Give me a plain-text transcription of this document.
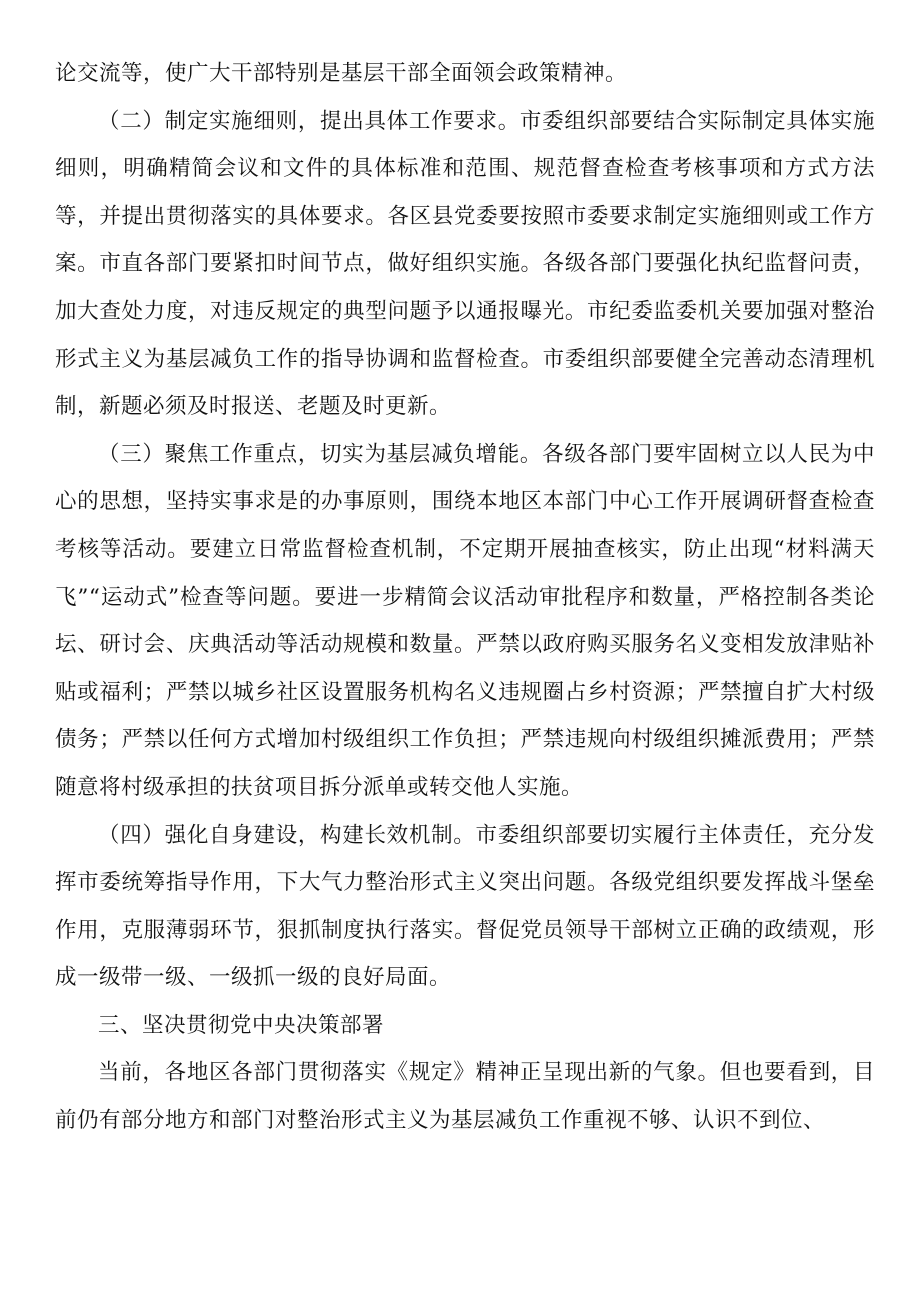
论交流等，使广大干部特别是基层干部全面领会政策精神。

（二）制定实施细则，提出具体工作要求。市委组织部要结合实际制定具体实施细则，明确精简会议和文件的具体标准和范围、规范督查检查考核事项和方式方法等，并提出贯彻落实的具体要求。各区县党委要按照市委要求制定实施细则或工作方案。市直各部门要紧扣时间节点，做好组织实施。各级各部门要强化执纪监督问责，加大查处力度，对违反规定的典型问题予以通报曝光。市纪委监委机关要加强对整治形式主义为基层减负工作的指导协调和监督检查。市委组织部要健全完善动态清理机制，新题必须及时报送、老题及时更新。

（三）聚焦工作重点，切实为基层减负增能。各级各部门要牢固树立以人民为中心的思想，坚持实事求是的办事原则，围绕本地区本部门中心工作开展调研督查检查考核等活动。要建立日常监督检查机制，不定期开展抽查核实，防止出现“材料满天飞”“运动式”检查等问题。要进一步精简会议活动审批程序和数量，严格控制各类论坛、研讨会、庆典活动等活动规模和数量。严禁以政府购买服务名义变相发放津贴补贴或福利；严禁以城乡社区设置服务机构名义违规圈占乡村资源；严禁擅自扩大村级债务；严禁以任何方式增加村级组织工作负担；严禁违规向村级组织摊派费用；严禁随意将村级承担的扶贫项目拆分派单或转交他人实施。

（四）强化自身建设，构建长效机制。市委组织部要切实履行主体责任，充分发挥市委统筹指导作用，下大气力整治形式主义突出问题。各级党组织要发挥战斗堡垒作用，克服薄弱环节，狠抓制度执行落实。督促党员领导干部树立正确的政绩观，形成一级带一级、一级抓一级的良好局面。

三、坚决贯彻党中央决策部署

当前，各地区各部门贯彻落实《规定》精神正呈现出新的气象。但也要看到，目前仍有部分地方和部门对整治形式主义为基层减负工作重视不够、认识不到位、
